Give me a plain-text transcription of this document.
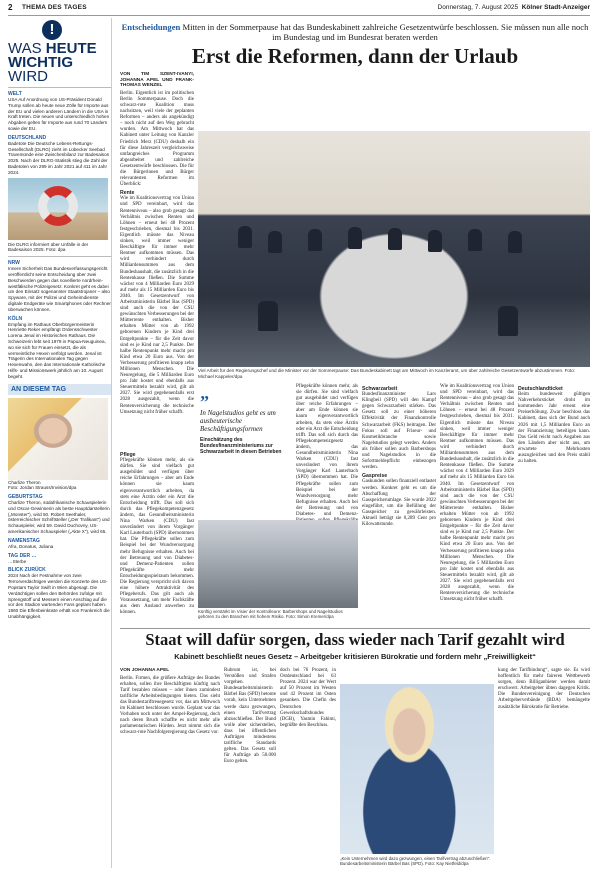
2 THEMA DES TAGES	Donnerstag, 7. August 2025 Kölner Stadt-Anzeiger
!
WAS HEUTE
WICHTIG
WIRD
WELT

USA Auf Anordnung von US-Präsident Donald Trump sollen ab heute neue Zölle für Importe aus der EU und vielen anderen Ländern in die USA in Kraft treten. Die neuen und unterschiedlich hohen Abgaben gelten für Importe aus rund 70 Ländern sowie der EU.

DEUTSCHLAND

Badetote Die Deutsche Lebens-Rettungs-Gesellschaft (DLRG) zieht im Lübecker Seebad Travemünde eine Zwischenbilanz zur Badesaison 2025. Nach der DLRG-Statistik stieg die Zahl der Badetoten von 299 im Jahr 2021 auf 411 im Jahr 2024.

Die DLRG informiert über Unfälle in der Badesaison 2025. Foto: dpa

NRW

Innere Sicherheit Das Bundesverfassungsgericht veröffentlicht seine Entscheidung über zwei Beschwerden gegen das novellierte nordrhein-westfälische Polizeigesetz. Konkret geht es dabei um den Einsatz sogenannter Staatstrojaner – also Spyware, mit der Polizei und Geheimdienste digitale Endgeräte wie Smartphones oder Rechner überwachen können.

KÖLN

Empfang im Rathaus Oberbürgermeisterin Henriette Reker empfängt Ordensschwester Lorena Jenal im Historischen Rathaus. Die Schweizerin lebt seit 1979 in Papua-Neuguinea, wo sie sich für Frauen einsetzt, die als vermeintliche Hexen verfolgt werden. Jenal ist Trägerin des Internationalen Tag gegen Hexenwahn, den das Internationale Katholische Hilfs- und Missionswerk jährlich am 10. August begeht.

AN DIESEM TAG

Charlize Theron
Foto: Jordan Strauss/Invision/dpa

GEBURTSTAG

Charlize Theron, südafrikanische Schauspielerin und Oscar-Gewinnerin als beste Hauptdarstellerin („Monster“), wird 50. Robert Seethaler, österreichischer Schriftsteller („Der Trafikant“) und Schauspieler, wird 59. David Duchovny, US-amerikanischer Schauspieler („Akte X“), wird 65.

NAMENSTAG

Afra, Donatus, Juliana

TAG DER …

…Sterbe

BLICK ZURÜCK

2024 Nach der Festnahme von zwei Terrorverdächtigen werden die Konzerte des US-Popstars Taylor Swift in Wien abgesagt. Die Verdächtigen sollen den Behörden zufolge mit Sprengstoff und Messern einen Anschlag auf die vor den Stadion wartenden Fans geplant haben. 1960 Die Elfenbeinküste erhält von Frankreich die Unabhängigkeit.

Entscheidungen Mitten in der Sommerpause hat das Bundeskabinett zahlreiche Gesetzentwürfe beschlossen. Sie müssen nun alle noch im Bundestag und im Bundesrat beraten werden
Erst die Reformen, dann der Urlaub
VON TIM SZENT-IVANYI, JOHANNA APEL UND FRANK-THOMAS WENZEL

Berlin. Eigentlich ist im politischen Berlin Sommerpause. Doch die schwarz-rote Koalition muss nachsitzen, weil viele der geplanten Reformen – anders als angekündigt – noch nicht auf den Weg gebracht wurden. Am Mittwoch hat das Kabinett unter Leitung von Kanzler Friedrich Merz (CDU) deshalb ein für diese Jahreszeit vergleichsweise umfangreiches Programm abgearbeitet und zahlreiche Gesetzentwürfe beschlossen. Die für die Bürgerinnen und Bürger relevantesten Reformen im Überblick:

Rente

Wie im Koalitionsvertrag von Union und SPD vereinbart, wird das Rentenniveau – also grob gesagt das Verhältnis zwischen Renten und Löhnen – erneut bei 48 Prozent festgeschrieben, diesmal bis 2031. Eigentlich müsste das Niveau sinken, weil immer weniger Beschäftigte für immer mehr Rentner aufkommen müssen. Das wird verhindert durch Milliardensummen aus dem Bundeshaushalt, die zusätzlich in die Rentenkasse fließen. Die Summe wächst von 4 Milliarden Euro 2029 auf mehr als 15 Milliarden Euro bis 2040. Im Gesetzentwurf von Arbeitsministerin Bärbel Bas (SPD) sind auch die von der CSU gewünschten Verbesserungen bei der Mütterrente enthalten. Bisher erhalten Mütter von ab 1992 geborenen Kindern je Kind drei Entgeltpunkte – für die Zeit davor sind es je Kind nur 2,5 Punkte. Der halbe Rentenpunkt mehr macht pro Kind etwa 20 Euro aus. Von der Verbesserung profitieren knapp zehn Millionen Menschen. Die Neuregelung, die 5 Milliarden Euro pro Jahr kostet und ebenfalls aus Steuermitteln bezahlt wird, gilt ab 2027. Sie wird gegebenenfalls erst 2028 ausgezahlt, wenn die Rentenversicherung die technische Umsetzung nicht früher schafft.

Pflege

Pflegekräfte können mehr, als sie dürfen. Sie sind vielfach gut ausgebildet und verfügen über reiche Erfahrungen – aber am Ende können sie kaum eigenverantwortlich arbeiten, da stets eine Ärztin oder ein Arzt die Entscheidung trifft. Das soll sich durch das Pflegekompetenzgesetz ändern, das Gesundheitsministerin Nina Warken (CDU) fast unverändert von ihrem Vorgänger Karl Lauterbach (SPD) übernommen hat. Die Pflegekräfte sollen zum Beispiel bei der Wundversorgung mehr Befugnisse erhalten. Auch bei der Betreuung und von Diabetes- und Demenz-Patienten sollen Pflegekräfte mehr Entscheidungsspielraum bekommen. Die Regierung verspricht sich davon eine höhere Attraktivität des Pflegeberufs. Das gilt auch als Voraussetzung, um mehr Fachkräfte aus dem Ausland anwerben zu können.

Viel Arbeit für den Regierungschef und die Minister vor der Sommerpause: Das Bundeskabinett tagt am Mittwoch im Kanzleramt, um über zahlreiche Gesetzentwürfe abzustimmen. Foto: Michael Kappeler/dpa
”
In Nagelstudios geht es um ausbeuterische Beschäftigungsformen
Einschätzung des Bundesfinanzministeriums zur Schwarzarbeit in diesen Betrieben

Pflegekräfte können mehr, als sie dürfen. Sie sind vielfach gut ausgebildet und verfügen über reiche Erfahrungen – aber am Ende können sie kaum eigenverantwortlich arbeiten, da stets eine Ärztin oder ein Arzt die Entscheidung trifft. Das soll sich durch das Pflegekompetenzgesetz ändern, das Gesundheitsministerin Nina Warken (CDU) fast unverändert von ihrem Vorgänger Karl Lauterbach (SPD) übernommen hat. Die Pflegekräfte sollen zum Beispiel bei der Wundversorgung mehr Befugnisse erhalten. Auch bei der Betreuung und von Diabetes- und Demenz-

Schwarzarbeit

Bundesfinanzminister Lars Klingbeil (SPD) will den Kampf gegen Schwarzarbeit stärken. Das Gesetz soll zu einer höheren Effektivität der Finanzkontrolle Schwarzarbeit (FKS) beitragen. Der Fokus soll auf Friseur- und Kosmetikbranche sowie Nagelstudios gelegt werden. Anders als früher sollen auch Barbershops und Nagelstudios in die Sofortmeldepflicht einbezogen werden.

Gaspreise

Gaskunden sollen finanziell entlastet werden. Konkret geht es um die Abschaffung der Gasspeicherumlage. Sie wurde 2022 eingeführt, um die Befüllung der Gasspeicher zu gewährleisten. Aktuell beträgt sie 0,289 Cent pro Kilowattstunde.

Wie im Koalitionsvertrag von Union und SPD vereinbart, wird das Rentenniveau – also grob gesagt das Verhältnis zwischen Renten und Löhnen – erneut bei 48 Prozent festgeschrieben, diesmal bis 2031. Eigentlich müsste das Niveau sinken, weil immer weniger Beschäftigte für immer mehr Rentner aufkommen müssen. Das wird verhindert durch Milliardensummen aus dem Bundeshaushalt, die zusätzlich in die Rentenkasse fließen. Die Summe wächst von 4 Milliarden Euro 2029 auf mehr als 15 Milliarden Euro bis 2040. Im Gesetzentwurf von Arbeitsministerin Bärbel Bas (SPD) sind auch die von der CSU gewünschten Verbesserungen bei der Mütterrente enthalten. Bisher erhalten Mütter von ab 1992 geborenen Kindern je Kind drei Entgeltpunkte – für die Zeit davor sind es je Kind nur 2,5 Punkte. Der halbe Rentenpunkt mehr macht pro Kind etwa 20 Euro aus. Von der Verbesserung profitieren knapp zehn Millionen Menschen. Die Neuregelung, die 5 Milliarden Euro pro Jahr kostet und ebenfalls aus Steuermitteln bezahlt wird, gilt ab 2027. Sie wird gegebenenfalls erst 2028 ausgezahlt, wenn die Rentenversicherung die technische Umsetzung nicht früher schafft.

Deutschlandticket

Beim bundesweit gültigen Nahverkehrsticket droht im kommenden Jahr erneut eine Preiserhöhung. Zwar beschloss das Kabinett, dass sich der Bund auch 2026 mit 1,5 Milliarden Euro an der Finanzierung beteiligen kann. Das Geld reicht nach Angaben aus den Ländern aber nicht aus, um erwartete Mehrkosten auszugleichen und den Preis stabil zu halten.

Künftig verstärkt im Visier der Kontrolleure: Barbershops und Nagelstudios gehören zu den Branchen mit hohem Risiko. Foto: Simon Kremer/dpa
Staat will dafür sorgen, dass wieder nach Tarif gezahlt wird
Kabinett beschließt neues Gesetz – Arbeitgeber kritisieren Bürokratie und fordern mehr „Freiwilligkeit“
VON JOHANNA APEL

Berlin. Firmen, die größere Aufträge des Bundes erhalten, sollen ihre Beschäftigten künftig nach Tarif bezahlen müssen – oder ihnen zumindest tarifliche Arbeitsbedingungen bieten. Das sieht das Bundestariftreuegesetz vor, das am Mittwoch im Kabinett beschlossen wurde. Geplant war das Vorhaben noch unter der Ampel-Regierung, doch nach deren Bruch schaffte es nicht mehr alle parlamentarischen Hürden. Jetzt nimmt sich die schwarz-rote Nachfolgeregierung das Gesetz vor.

Rubrum ist, bei Verstößen und Strafen vorgehen. Bundesarbeitsministerin Bärbel Bas (SPD) betonte vorab, kein Unternehmen werde dazu gezwungen, einen Tarifvertrag abzuschließen. Der Bund wolle aber sicherstellen, dass bei öffentlichen Aufträgen mindestens tarifliche Standards gelten. Das Gesetz soll für Aufträge ab 50.000 Euro gelten.

doch bei 76 Prozent, in Ostdeutschland bei 63 Prozent. 2024 war der Wert auf 50 Prozent im Westen und 42 Prozent im Osten gesunken. Die Chefin des Deutschen Gewerkschaftsbundes (DGB), Yasmin Fahimi, begrüßte den Beschluss.

„Kein Unternehmen wird dazu gezwungen, einen Tarifvertrag abzuschließen“: Bundesarbeitsministerin Bärbel Bas (SPD). Foto: Kay Nietfeld/dpa

kung der Tarifbindung“, sagte sie. Es wird hoffentlich für mehr faireren Wettbewerb sorgen, denn Billiganbieter werden damit erschwert. Arbeitgeber übten dagegen Kritik. Die Bundesvereinigung der Deutschen Arbeitgeberverbände (BDA) bemängelte zusätzliche Bürokratie für Betriebe.
